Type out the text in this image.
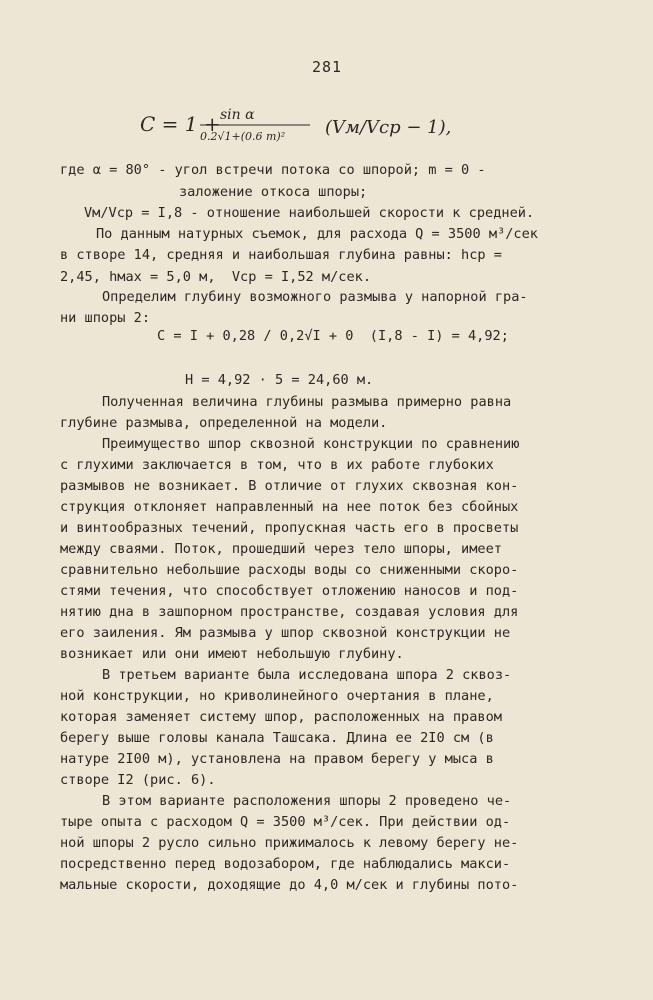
281
C = 1 + sin α
0.2√1+(0.6 m)² (Vм/Vср − 1),
где α = 80° - угол встречи потока со шпорой; m = 0 -
заложение откоса шпоры;
Vм/Vср = I,8 - отношение наибольшей скорости к средней.
По данным натурных съемок, для расхода Q = 3500 м³/сек
в створе 14, средняя и наибольшая глубина равны: hср =
2,45, hмах = 5,0 м,  Vср = I,52 м/сек.
Определим глубину возможного размыва у напорной гра-
ни шпоры 2:
C = I + 0,28 / 0,2√I + 0  (I,8 - I) = 4,92;
H = 4,92 · 5 = 24,60 м.
Полученная величина глубины размыва примерно равна
глубине размыва, определенной на модели.
Преимущество шпор сквозной конструкции по сравнению
с глухими заключается в том, что в их работе глубоких
размывов не возникает. В отличие от глухих сквозная кон-
струкция отклоняет направленный на нее поток без сбойных
и винтообразных течений, пропускная часть его в просветы
между сваями. Поток, прошедший через тело шпоры, имеет
сравнительно небольшие расходы воды со сниженными скоро-
стями течения, что способствует отложению наносов и под-
нятию дна в зашпорном пространстве, создавая условия для
его заиления. Ям размыва у шпор сквозной конструкции не
возникает или они имеют небольшую глубину.
В третьем варианте была исследована шпора 2 сквоз-
ной конструкции, но криволинейного очертания в плане,
которая заменяет систему шпор, расположенных на правом
берегу выше головы канала Ташсака. Длина ее 2I0 см (в
натуре 2I00 м), установлена на правом берегу у мыса в
створе I2 (рис. 6).
В этом варианте расположения шпоры 2 проведено че-
тыре опыта с расходом Q = 3500 м³/сек. При действии од-
ной шпоры 2 русло сильно прижималось к левому берегу не-
посредственно перед водозабором, где наблюдались макси-
мальные скорости, доходящие до 4,0 м/сек и глубины пото-
